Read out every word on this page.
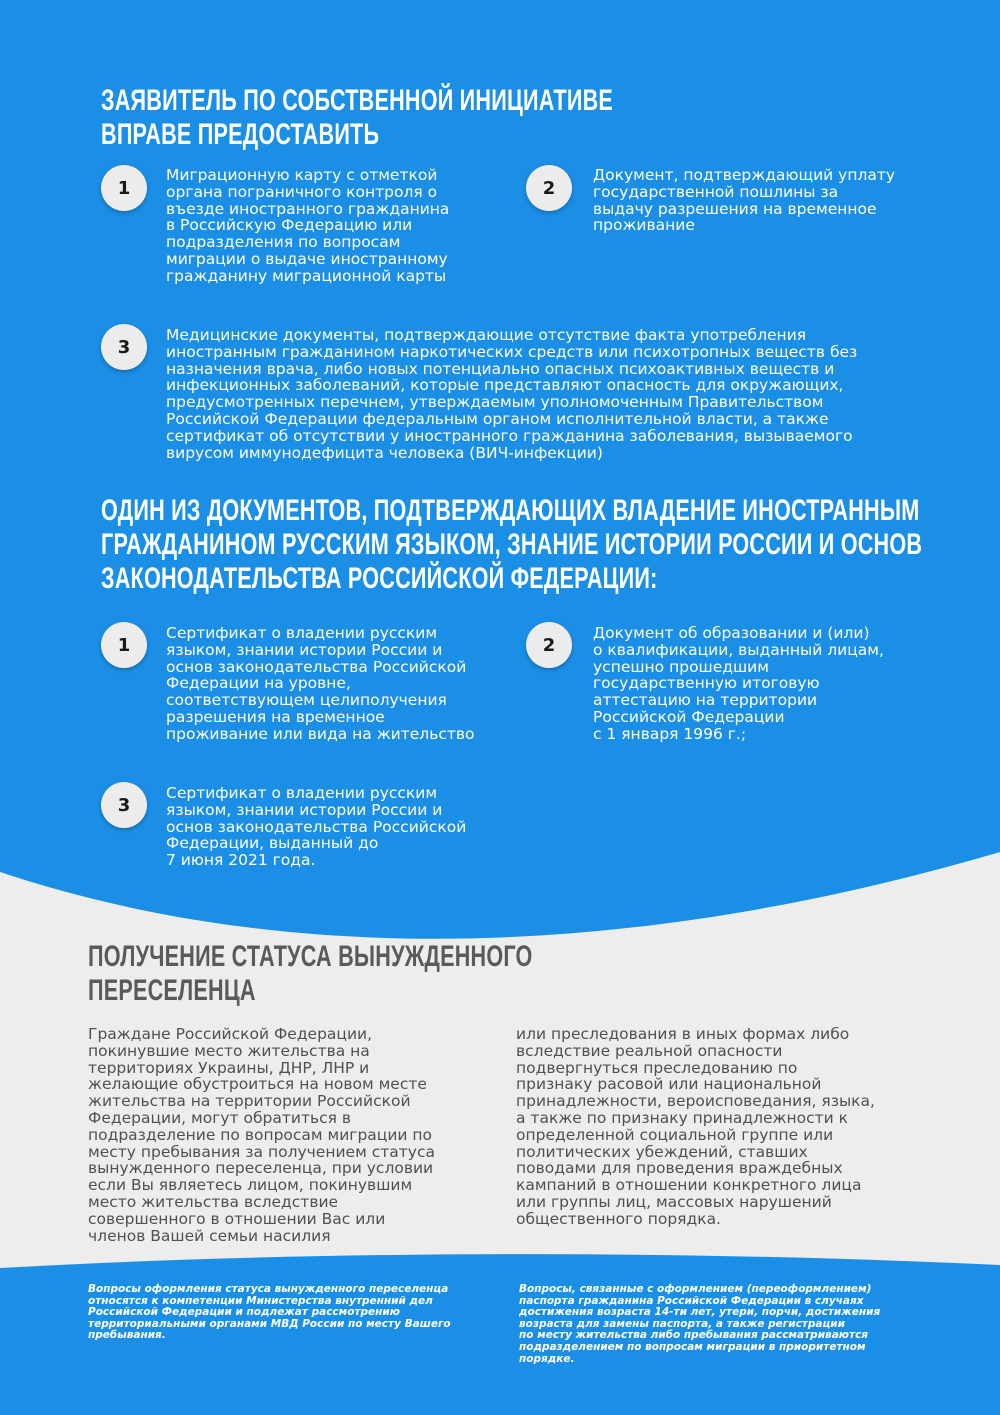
ЗАЯВИТЕЛЬ ПО СОБСТВЕННОЙ ИНИЦИАТИВЕ
ВПРАВЕ ПРЕДОСТАВИТЬ
1

Миграционную карту с отметкой
органа пограничного контроля о
въезде иностранного гражданина
в Российскую Федерацию или
подразделения по вопросам
миграции о выдаче иностранному
гражданину миграционной карты

2

Документ, подтверждающий уплату
государственной пошлины за
выдачу разрешения на временное
проживание

3

Медицинские документы, подтверждающие отсутствие факта употребления
иностранным гражданином наркотических средств или психотропных веществ без
назначения врача, либо новых потенциально опасных психоактивных веществ и
инфекционных заболеваний, которые представляют опасность для окружающих,
предусмотренных перечнем, утверждаемым уполномоченным Правительством
Российской Федерации федеральным органом исполнительной власти, а также
сертификат об отсутствии у иностранного гражданина заболевания, вызываемого
вирусом иммунодефицита человека (ВИЧ-инфекции)

ОДИН ИЗ ДОКУМЕНТОВ, ПОДТВЕРЖДАЮЩИХ ВЛАДЕНИЕ ИНОСТРАННЫМ
ГРАЖДАНИНОМ РУССКИМ ЯЗЫКОМ, ЗНАНИЕ ИСТОРИИ РОССИИ И ОСНОВ
ЗАКОНОДАТЕЛЬСТВА РОССИЙСКОЙ ФЕДЕРАЦИИ:
1

Сертификат о владении русским
языком, знании истории России и
основ законодательства Российской
Федерации на уровне,
соответствующем целиполучения
разрешения на временное
проживание или вида на жительство

2

Документ об образовании и (или)
о квалификации, выданный лицам,
успешно прошедшим
государственную итоговую
аттестацию на территории
Российской Федерации
с 1 января 1996 г.;

3

Сертификат о владении русским
языком, знании истории России и
основ законодательства Российской
Федерации, выданный до
7 июня 2021 года.

ПОЛУЧЕНИЕ СТАТУСА ВЫНУЖДЕННОГО
ПЕРЕСЕЛЕНЦА

Граждане Российской Федерации,
покинувшие место жительства на
территориях Украины, ДНР, ЛНР и
желающие обустроиться на новом месте
жительства на территории Российской
Федерации, могут обратиться в
подразделение по вопросам миграции по
месту пребывания за получением статуса
вынужденного переселенца, при условии
если Вы являетесь лицом, покинувшим
место жительства вследствие
совершенного в отношении Вас или
членов Вашей семьи насилия

или преследования в иных формах либо
вследствие реальной опасности
подвергнуться преследованию по
признаку расовой или национальной
принадлежности, вероисповедания, языка,
а также по признаку принадлежности к
определенной социальной группе или
политических убеждений, ставших
поводами для проведения враждебных
кампаний в отношении конкретного лица
или группы лиц, массовых нарушений
общественного порядка.

Вопросы оформления статуса вынужденного переселенца
относятся к компетенции Министерства внутренний дел
Российской Федерации и подлежат рассмотрению
территориальными органами МВД России по месту Вашего
пребывания.

Вопросы, связанные с оформлением (переоформлением)
паспорта гражданина Российской Федерации в случаях
достижения возраста 14-ти лет, утери, порчи, достижения
возраста для замены паспорта, а также регистрации
по месту жительства либо пребывания рассматриваются
подразделением по вопросам миграции в приоритетном
порядке.
